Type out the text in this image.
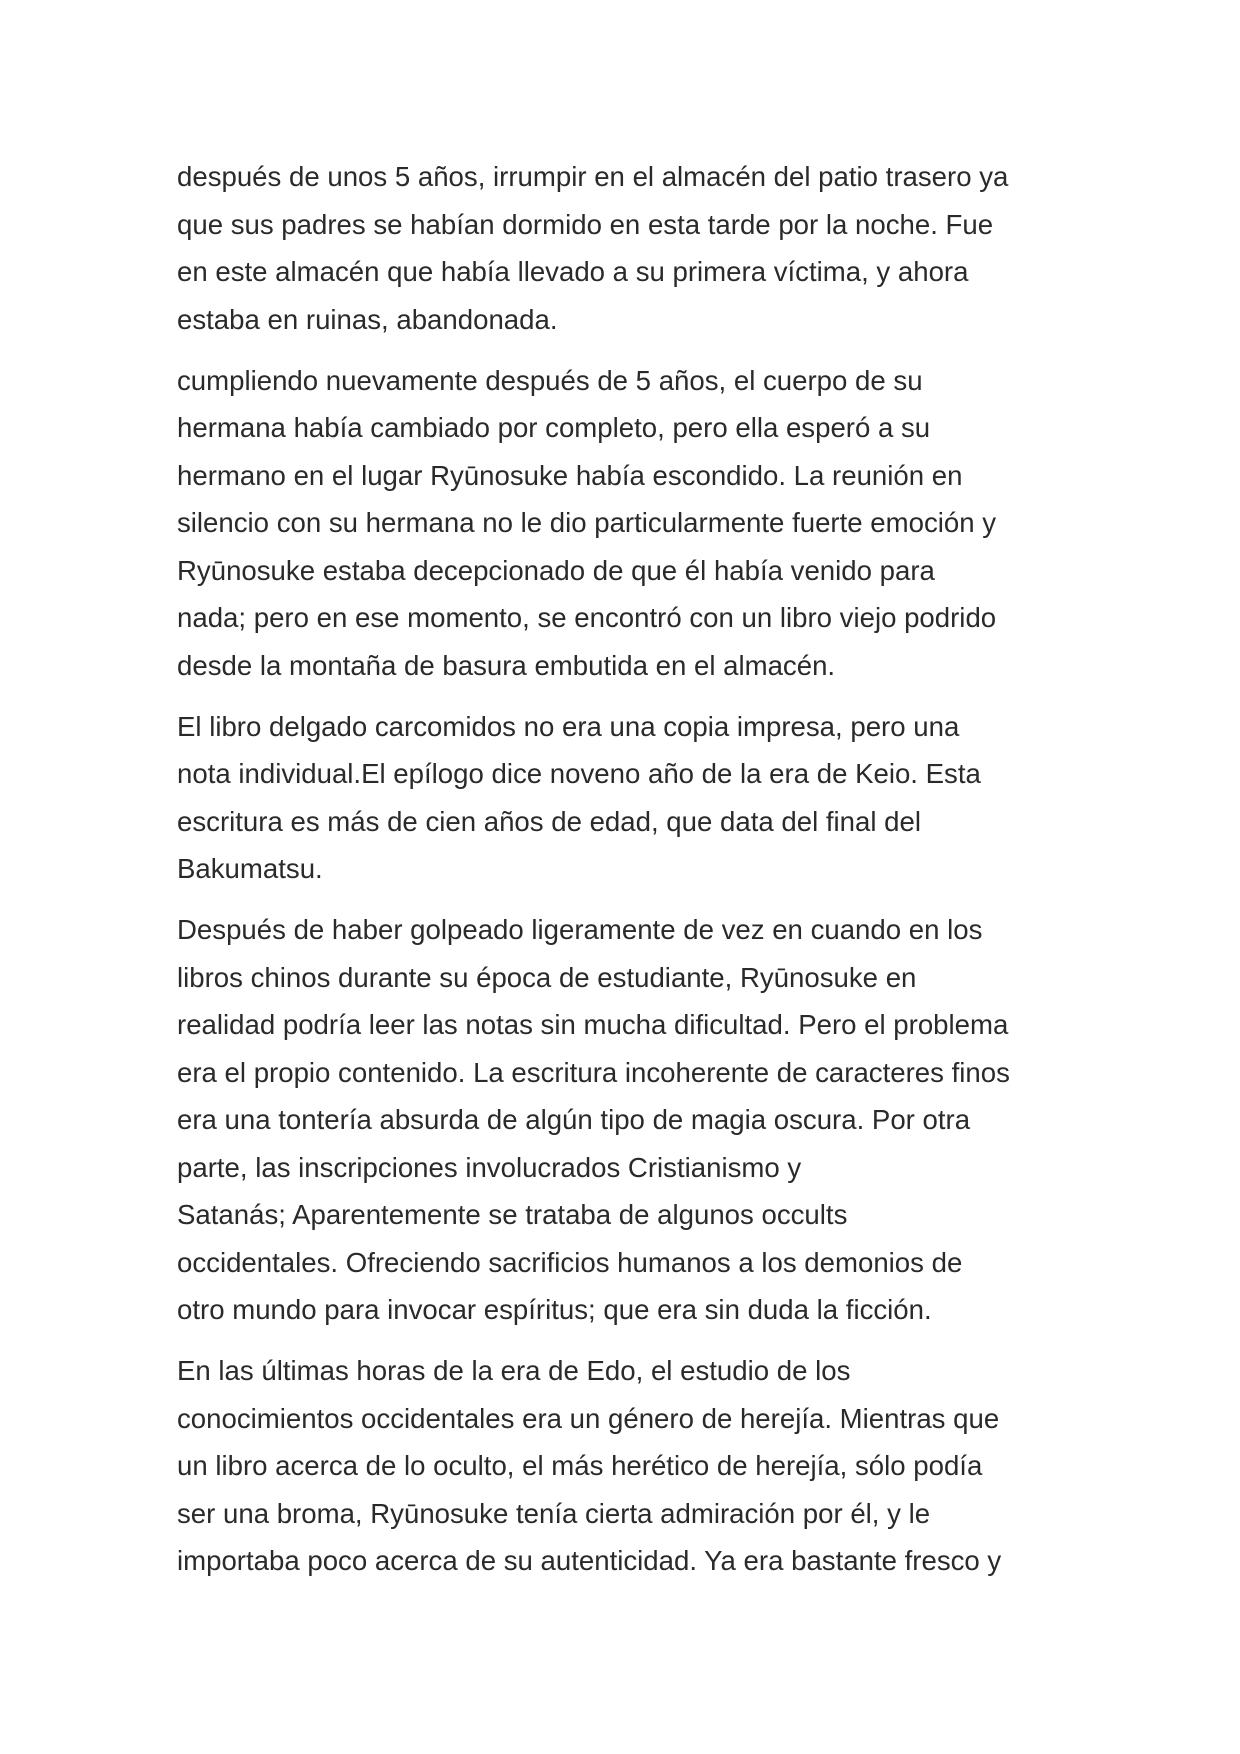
después de unos 5 años, irrumpir en el almacén del patio trasero ya
que sus padres se habían dormido en esta tarde por la noche. Fue
en este almacén que había llevado a su primera víctima, y ahora
estaba en ruinas, abandonada.

cumpliendo nuevamente después de 5 años, el cuerpo de su
hermana había cambiado por completo, pero ella esperó a su
hermano en el lugar Ryūnosuke había escondido. La reunión en
silencio con su hermana no le dio particularmente fuerte emoción y
Ryūnosuke estaba decepcionado de que él había venido para
nada; pero en ese momento, se encontró con un libro viejo podrido
desde la montaña de basura embutida en el almacén.

El libro delgado carcomidos no era una copia impresa, pero una
nota individual.El epílogo dice noveno año de la era de Keio. Esta
escritura es más de cien años de edad, que data del final del
Bakumatsu.

Después de haber golpeado ligeramente de vez en cuando en los
libros chinos durante su época de estudiante, Ryūnosuke en
realidad podría leer las notas sin mucha dificultad. Pero el problema
era el propio contenido. La escritura incoherente de caracteres finos
era una tontería absurda de algún tipo de magia oscura. Por otra
parte, las inscripciones involucrados Cristianismo y
Satanás; Aparentemente se trataba de algunos occults
occidentales. Ofreciendo sacrificios humanos a los demonios de
otro mundo para invocar espíritus; que era sin duda la ficción.

En las últimas horas de la era de Edo, el estudio de los
conocimientos occidentales era un género de herejía. Mientras que
un libro acerca de lo oculto, el más herético de herejía, sólo podía
ser una broma, Ryūnosuke tenía cierta admiración por él, y le
importaba poco acerca de su autenticidad. Ya era bastante fresco y
